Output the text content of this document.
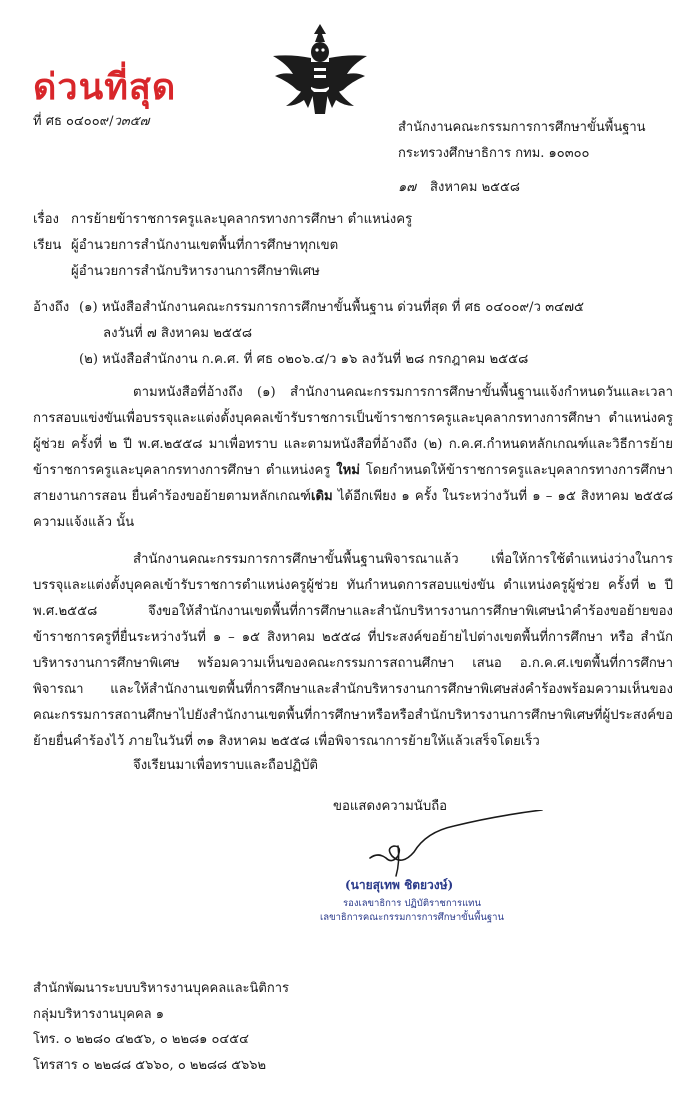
ด่วนที่สุด
ที่ ศธ ๐๔๐๐๙/ว๓๕๗	สำนักงานคณะกรรมการการศึกษาขั้นพื้นฐาน
กระทรวงศึกษาธิการ กทม. ๑๐๓๐๐
๑๗ สิงหาคม ๒๕๕๘
เรื่อง การย้ายข้าราชการครูและบุคลากรทางการศึกษา ตำแหน่งครู
เรียน ผู้อำนวยการสำนักงานเขตพื้นที่การศึกษาทุกเขต
ผู้อำนวยการสำนักบริหารงานการศึกษาพิเศษ
อ้างถึง (๑) หนังสือสำนักงานคณะกรรมการการศึกษาขั้นพื้นฐาน ด่วนที่สุด ที่ ศธ ๐๔๐๐๙/ว ๓๔๗๕
ลงวันที่ ๗ สิงหาคม ๒๕๕๘
(๒) หนังสือสำนักงาน ก.ค.ศ. ที่ ศธ ๐๒๐๖.๔/ว ๑๖ ลงวันที่ ๒๘ กรกฎาคม ๒๕๕๘
ตามหนังสือที่อ้างถึง (๑) สำนักงานคณะกรรมการการศึกษาขั้นพื้นฐานแจ้งกำหนดวันและเวลาการสอบแข่งขันเพื่อบรรจุและแต่งตั้งบุคคลเข้ารับราชการเป็นข้าราชการครูและบุคลากรทางการศึกษา ตำแหน่งครูผู้ช่วย ครั้งที่ ๒ ปี พ.ศ.๒๕๕๘ มาเพื่อทราบ และตามหนังสือที่อ้างถึง (๒) ก.ค.ศ.กำหนดหลักเกณฑ์และวิธีการย้ายข้าราชการครูและบุคลากรทางการศึกษา ตำแหน่งครู ใหม่ โดยกำหนดให้ข้าราชการครูและบุคลากรทางการศึกษาสายงานการสอน ยื่นคำร้องขอย้ายตามหลักเกณฑ์เดิม ได้อีกเพียง ๑ ครั้ง ในระหว่างวันที่ ๑ – ๑๕ สิงหาคม ๒๕๕๘ ความแจ้งแล้ว นั้น
สำนักงานคณะกรรมการการศึกษาขั้นพื้นฐานพิจารณาแล้ว เพื่อให้การใช้ตำแหน่งว่างในการบรรจุและแต่งตั้งบุคคลเข้ารับราชการตำแหน่งครูผู้ช่วย ทันกำหนดการสอบแข่งขัน ตำแหน่งครูผู้ช่วย ครั้งที่ ๒ ปี พ.ศ.๒๕๕๘ จึงขอให้สำนักงานเขตพื้นที่การศึกษาและสำนักบริหารงานการศึกษาพิเศษนำคำร้องขอย้ายของข้าราชการครูที่ยื่นระหว่างวันที่ ๑ – ๑๕ สิงหาคม ๒๕๕๘ ที่ประสงค์ขอย้ายไปต่างเขตพื้นที่การศึกษา หรือ สำนักบริหารงานการศึกษาพิเศษ พร้อมความเห็นของคณะกรรมการสถานศึกษา เสนอ อ.ก.ค.ศ.เขตพื้นที่การศึกษาพิจารณา และให้สำนักงานเขตพื้นที่การศึกษาและสำนักบริหารงานการศึกษาพิเศษส่งคำร้องพร้อมความเห็นของคณะกรรมการสถานศึกษาไปยังสำนักงานเขตพื้นที่การศึกษาหรือหรือสำนักบริหารงานการศึกษาพิเศษที่ผู้ประสงค์ขอย้ายยื่นคำร้องไว้ ภายในวันที่ ๓๑ สิงหาคม ๒๕๕๘ เพื่อพิจารณาการย้ายให้แล้วเสร็จโดยเร็ว
จึงเรียนมาเพื่อทราบและถือปฏิบัติ
ขอแสดงความนับถือ
(นายสุเทพ ชิตยวงษ์)
รองเลขาธิการ ปฏิบัติราชการแทน
เลขาธิการคณะกรรมการการศึกษาขั้นพื้นฐาน
สำนักพัฒนาระบบบริหารงานบุคคลและนิติการ
กลุ่มบริหารงานบุคคล ๑
โทร. ๐ ๒๒๘๐ ๔๒๕๖, ๐ ๒๒๘๑ ๐๔๕๔
โทรสาร ๐ ๒๒๘๘ ๕๖๖๐, ๐ ๒๒๘๘ ๕๖๖๒
